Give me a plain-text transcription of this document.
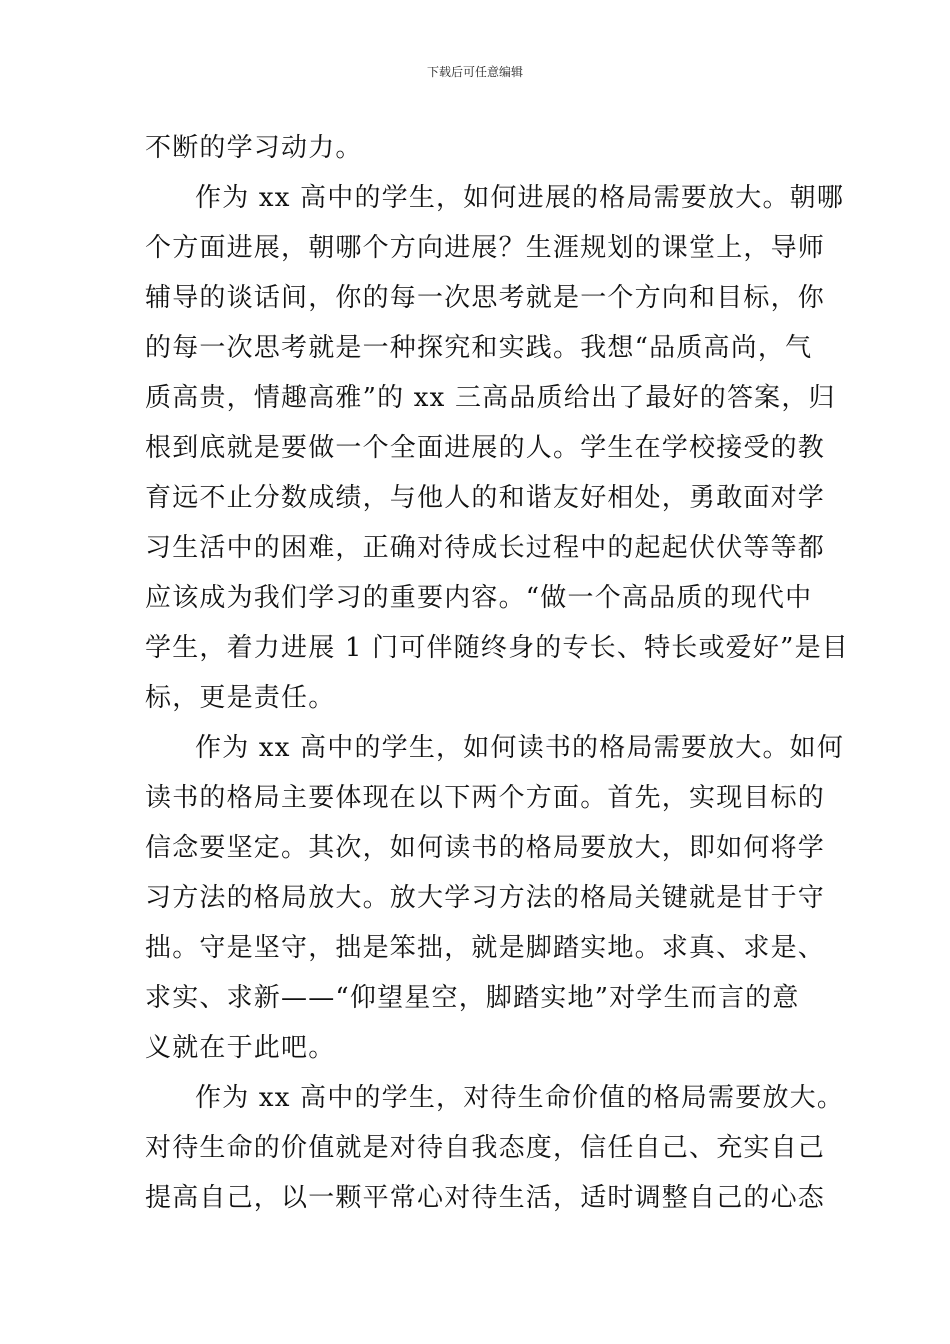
下载后可任意编辑
不断的学习动力。
作为 xx 高中的学生，如何进展的格局需要放大。朝哪
个方面进展，朝哪个方向进展？生涯规划的课堂上，导师
辅导的谈话间，你的每一次思考就是一个方向和目标，你
的每一次思考就是一种探究和实践。我想“品质高尚，气
质高贵，情趣高雅”的 xx 三高品质给出了最好的答案，归
根到底就是要做一个全面进展的人。学生在学校接受的教
育远不止分数成绩，与他人的和谐友好相处，勇敢面对学
习生活中的困难，正确对待成长过程中的起起伏伏等等都
应该成为我们学习的重要内容。“做一个高品质的现代中
学生，着力进展 1 门可伴随终身的专长、特长或爱好”是目
标，更是责任。
作为 xx 高中的学生，如何读书的格局需要放大。如何
读书的格局主要体现在以下两个方面。首先，实现目标的
信念要坚定。其次，如何读书的格局要放大，即如何将学
习方法的格局放大。放大学习方法的格局关键就是甘于守
拙。守是坚守，拙是笨拙，就是脚踏实地。求真、求是、
求实、求新——“仰望星空，脚踏实地”对学生而言的意
义就在于此吧。
作为 xx 高中的学生，对待生命价值的格局需要放大。
对待生命的价值就是对待自我态度，信任自己、充实自己
提高自己，以一颗平常心对待生活，适时调整自己的心态
